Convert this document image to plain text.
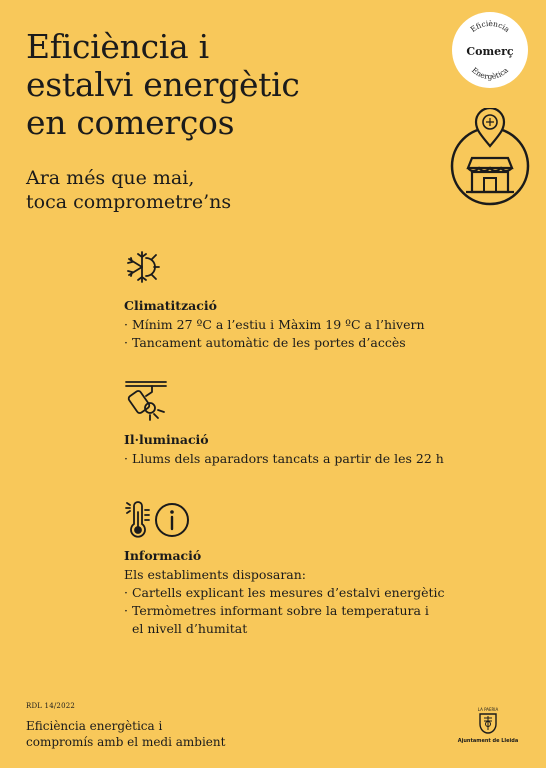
Eficiència i
estalvi energètic
en comerços
Ara més que mai,
toca comprometre’ns
Eficiència
Comerç
Energètica
Climatització
· Mínim 27 ºC a l’estiu i Màxim 19 ºC a l’hivern
· Tancament automàtic de les portes d’accès
Il·luminació
· Llums dels aparadors tancats a partir de les 22 h
Informació
Els establiments disposaran:
· Cartells explicant les mesures d’estalvi energètic
· Termòmetres informant sobre la temperatura i el nivell d’humitat
RDL 14/2022
Eficiència energètica i
compromís amb el medi ambient
LA PAERIA
Ajuntament de Lleida
